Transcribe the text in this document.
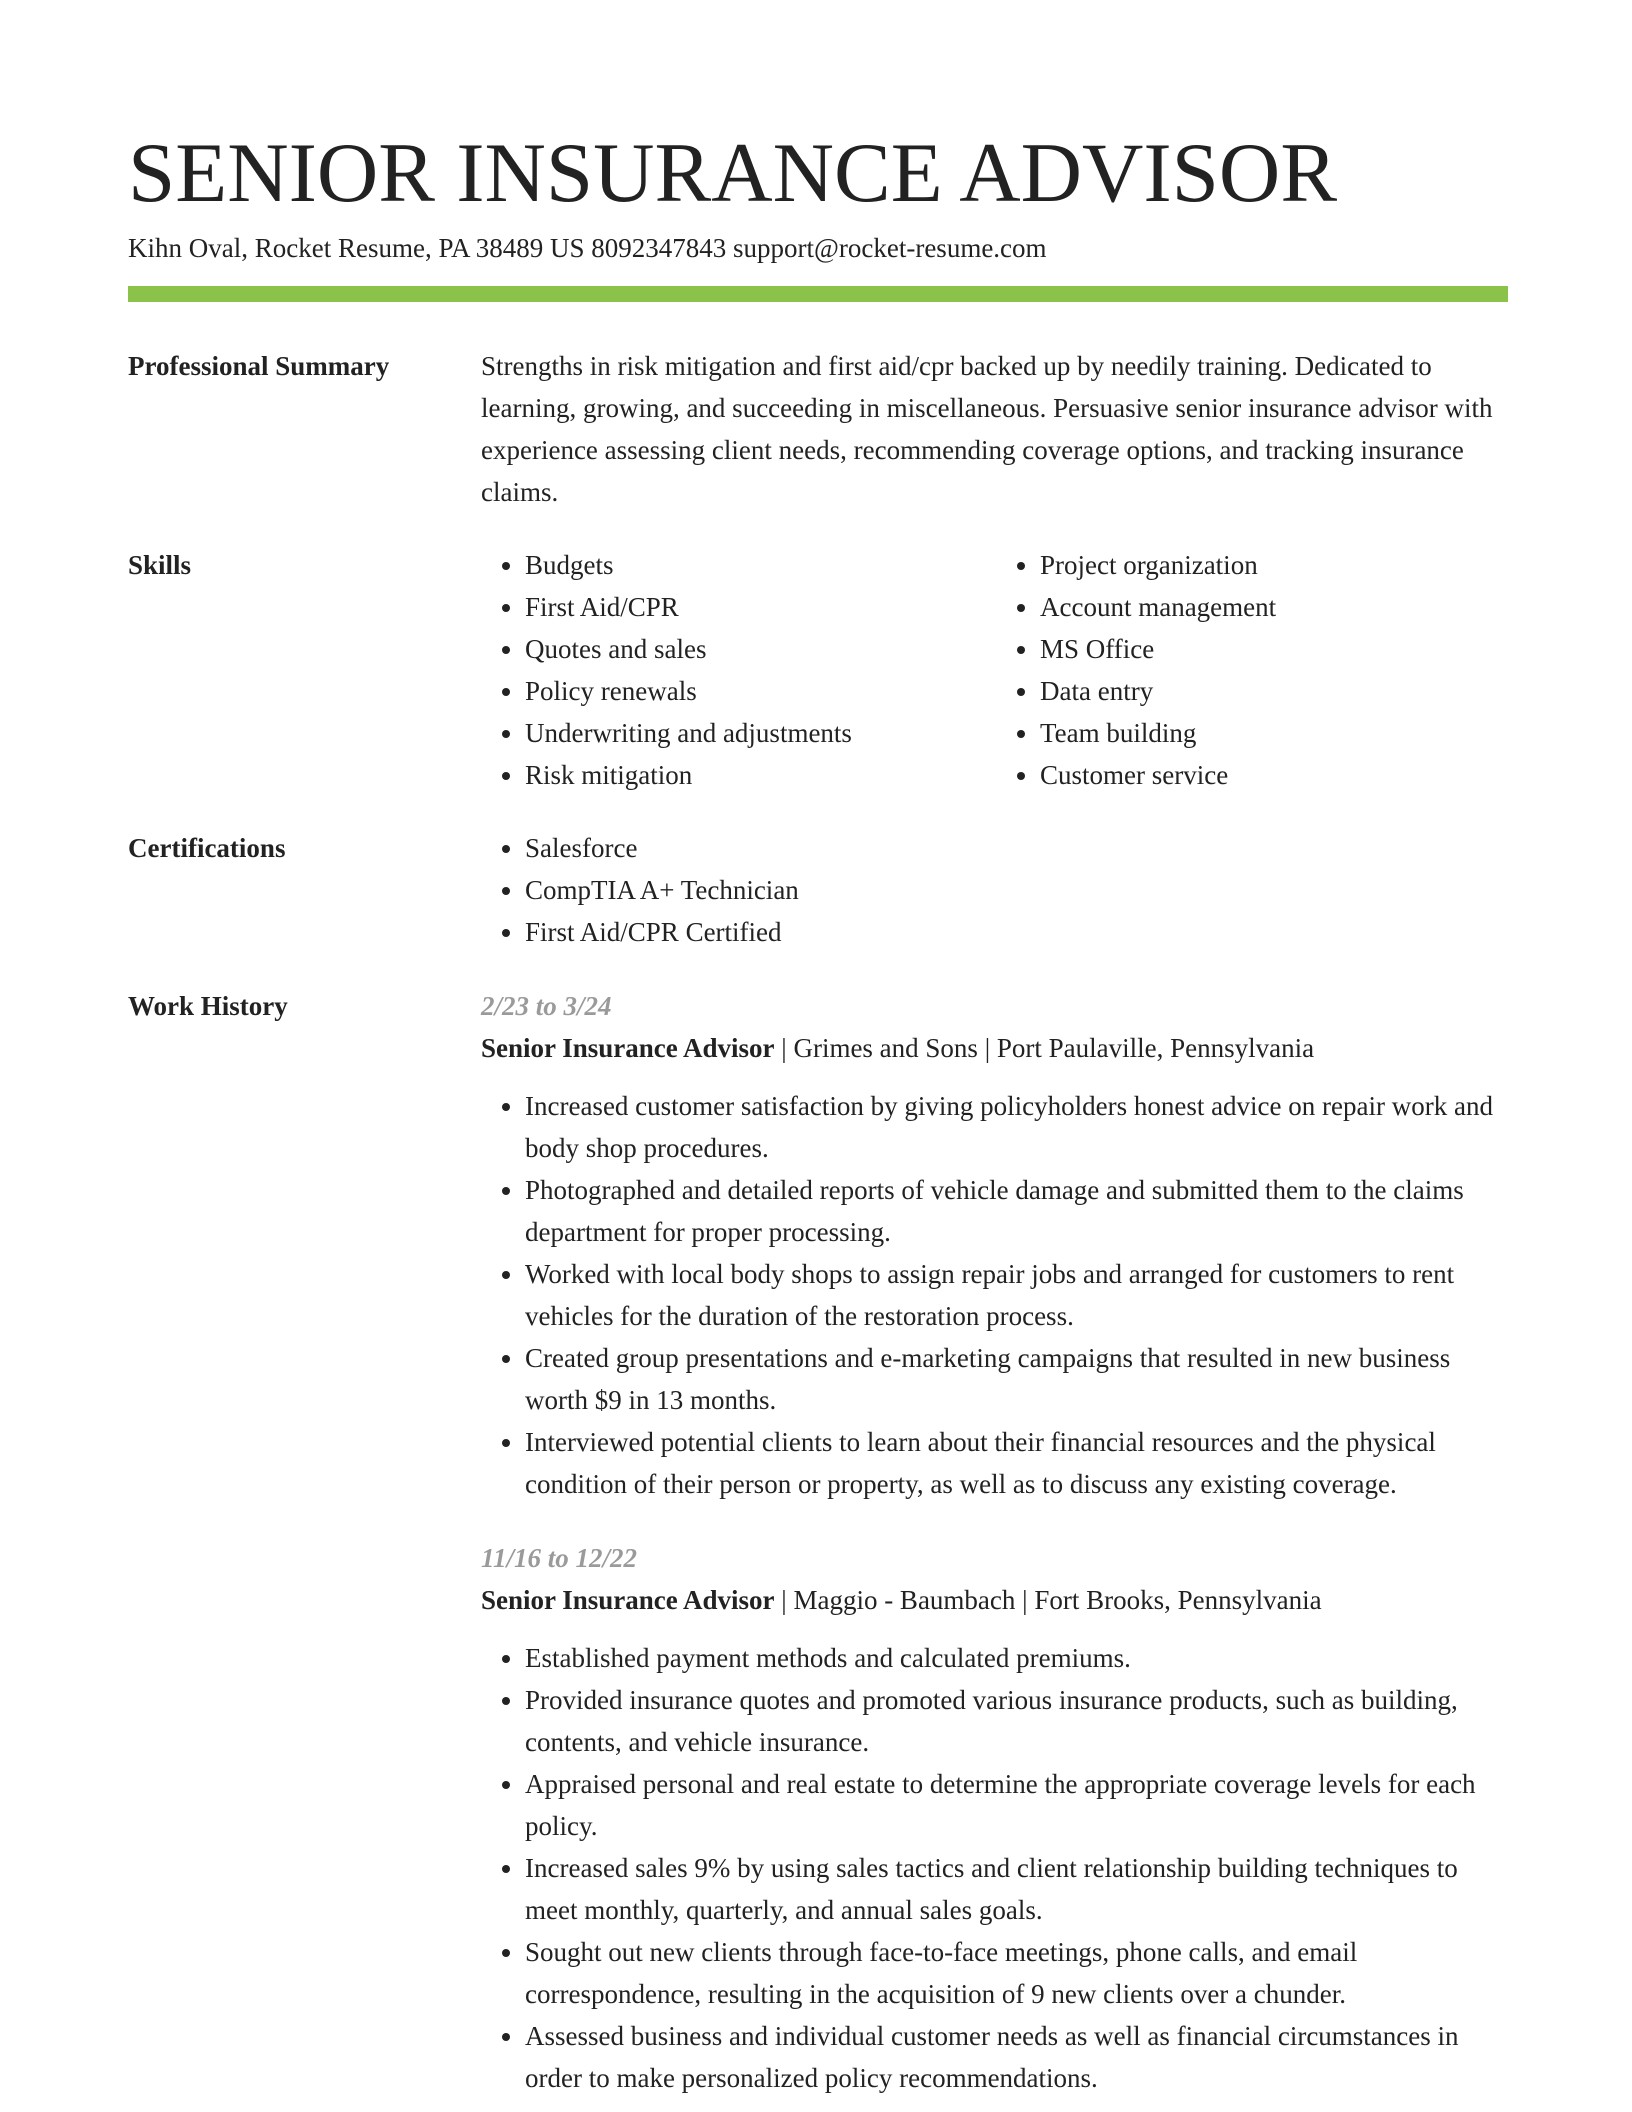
SENIOR INSURANCE ADVISOR
Kihn Oval, Rocket Resume, PA 38489 US 8092347843 support@rocket-resume.com
Professional Summary	Strengths in risk mitigation and first aid/cpr backed up by needily training. Dedicated to learning, growing, and succeeding in miscellaneous. Persuasive senior insurance advisor with experience assessing client needs, recommending coverage options, and tracking insurance claims.

Skills	• Budgets
• First Aid/CPR
• Quotes and sales
• Policy renewals
• Underwriting and adjustments
• Risk mitigation
• Project organization
• Account management
• MS Office
• Data entry
• Team building
• Customer service
Certifications	• Salesforce
• CompTIA A+ Technician
• First Aid/CPR Certified
Work History	2/23 to 3/24
Senior Insurance Advisor | Grimes and Sons | Port Paulaville, Pennsylvania
• Increased customer satisfaction by giving policyholders honest advice on repair work and body shop procedures.
• Photographed and detailed reports of vehicle damage and submitted them to the claims department for proper processing.
• Worked with local body shops to assign repair jobs and arranged for customers to rent vehicles for the duration of the restoration process.
• Created group presentations and e-marketing campaigns that resulted in new business worth $9 in 13 months.
• Interviewed potential clients to learn about their financial resources and the physical condition of their person or property, as well as to discuss any existing coverage.
11/16 to 12/22
Senior Insurance Advisor | Maggio - Baumbach | Fort Brooks, Pennsylvania
• Established payment methods and calculated premiums.
• Provided insurance quotes and promoted various insurance products, such as building, contents, and vehicle insurance.
• Appraised personal and real estate to determine the appropriate coverage levels for each policy.
• Increased sales 9% by using sales tactics and client relationship building techniques to meet monthly, quarterly, and annual sales goals.
• Sought out new clients through face-to-face meetings, phone calls, and email correspondence, resulting in the acquisition of 9 new clients over a chunder.
• Assessed business and individual customer needs as well as financial circumstances in order to make personalized policy recommendations.
